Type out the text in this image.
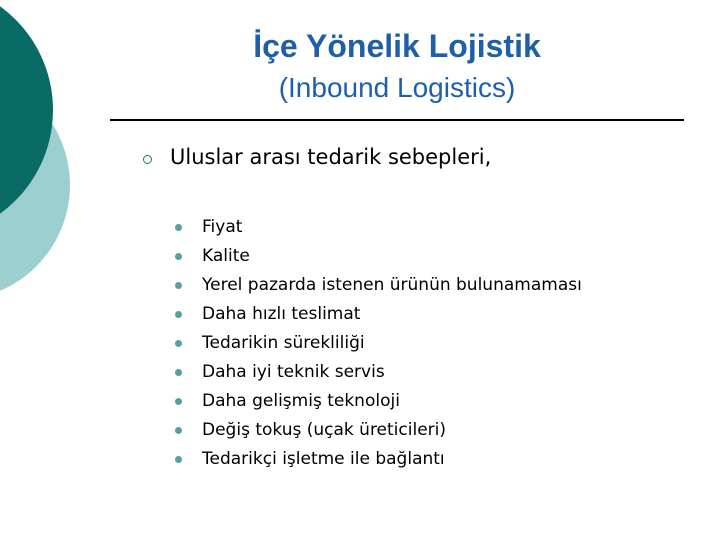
İçe Yönelik Lojistik
(Inbound Logistics)
Uluslar arası tedarik sebepleri,
Fiyat
Kalite
Yerel pazarda istenen ürünün bulunamaması
Daha hızlı teslimat
Tedarikin sürekliliği
Daha iyi teknik servis
Daha gelişmiş teknoloji
Değiş tokuş (uçak üreticileri)
Tedarikçi işletme ile bağlantı
